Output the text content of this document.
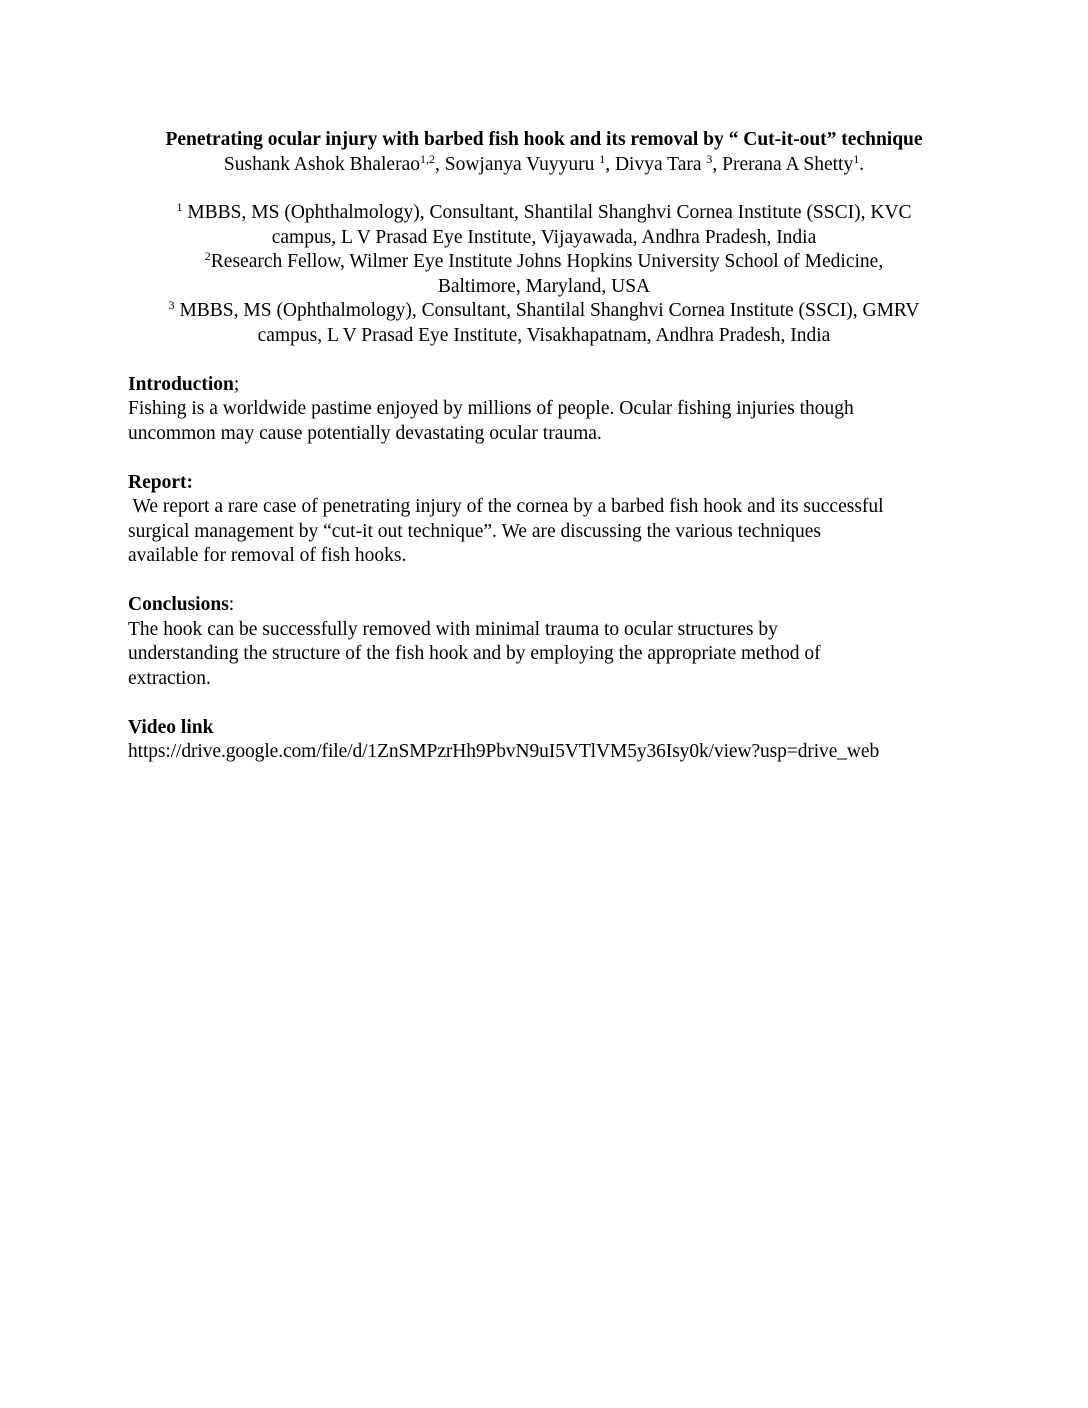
Penetrating ocular injury with barbed fish hook and its removal by “ Cut-it-out” technique
Sushank Ashok Bhalerao$^{1,2}$, Sowjanya Vuyyuru $^1$, Divya Tara $^3$, Prerana A Shetty$^1$.
$^1$ MBBS, MS (Ophthalmology), Consultant, Shantilal Shanghvi Cornea Institute (SSCI), KVC
campus, L V Prasad Eye Institute, Vijayawada, Andhra Pradesh, India
$^2$Research Fellow, Wilmer Eye Institute Johns Hopkins University School of Medicine,
Baltimore, Maryland, USA
$^3$ MBBS, MS (Ophthalmology), Consultant, Shantilal Shanghvi Cornea Institute (SSCI), GMRV
campus, L V Prasad Eye Institute, Visakhapatnam, Andhra Pradesh, India
Introduction;
Fishing is a worldwide pastime enjoyed by millions of people. Ocular fishing injuries though
uncommon may cause potentially devastating ocular trauma.
Report:
We report a rare case of penetrating injury of the cornea by a barbed fish hook and its successful
surgical management by “cut-it out technique”. We are discussing the various techniques
available for removal of fish hooks.
Conclusions:
The hook can be successfully removed with minimal trauma to ocular structures by
understanding the structure of the fish hook and by employing the appropriate method of
extraction.
Video link
https://drive.google.com/file/d/1ZnSMPzrHh9PbvN9uI5VTlVM5y36Isy0k/view?usp=drive_web
